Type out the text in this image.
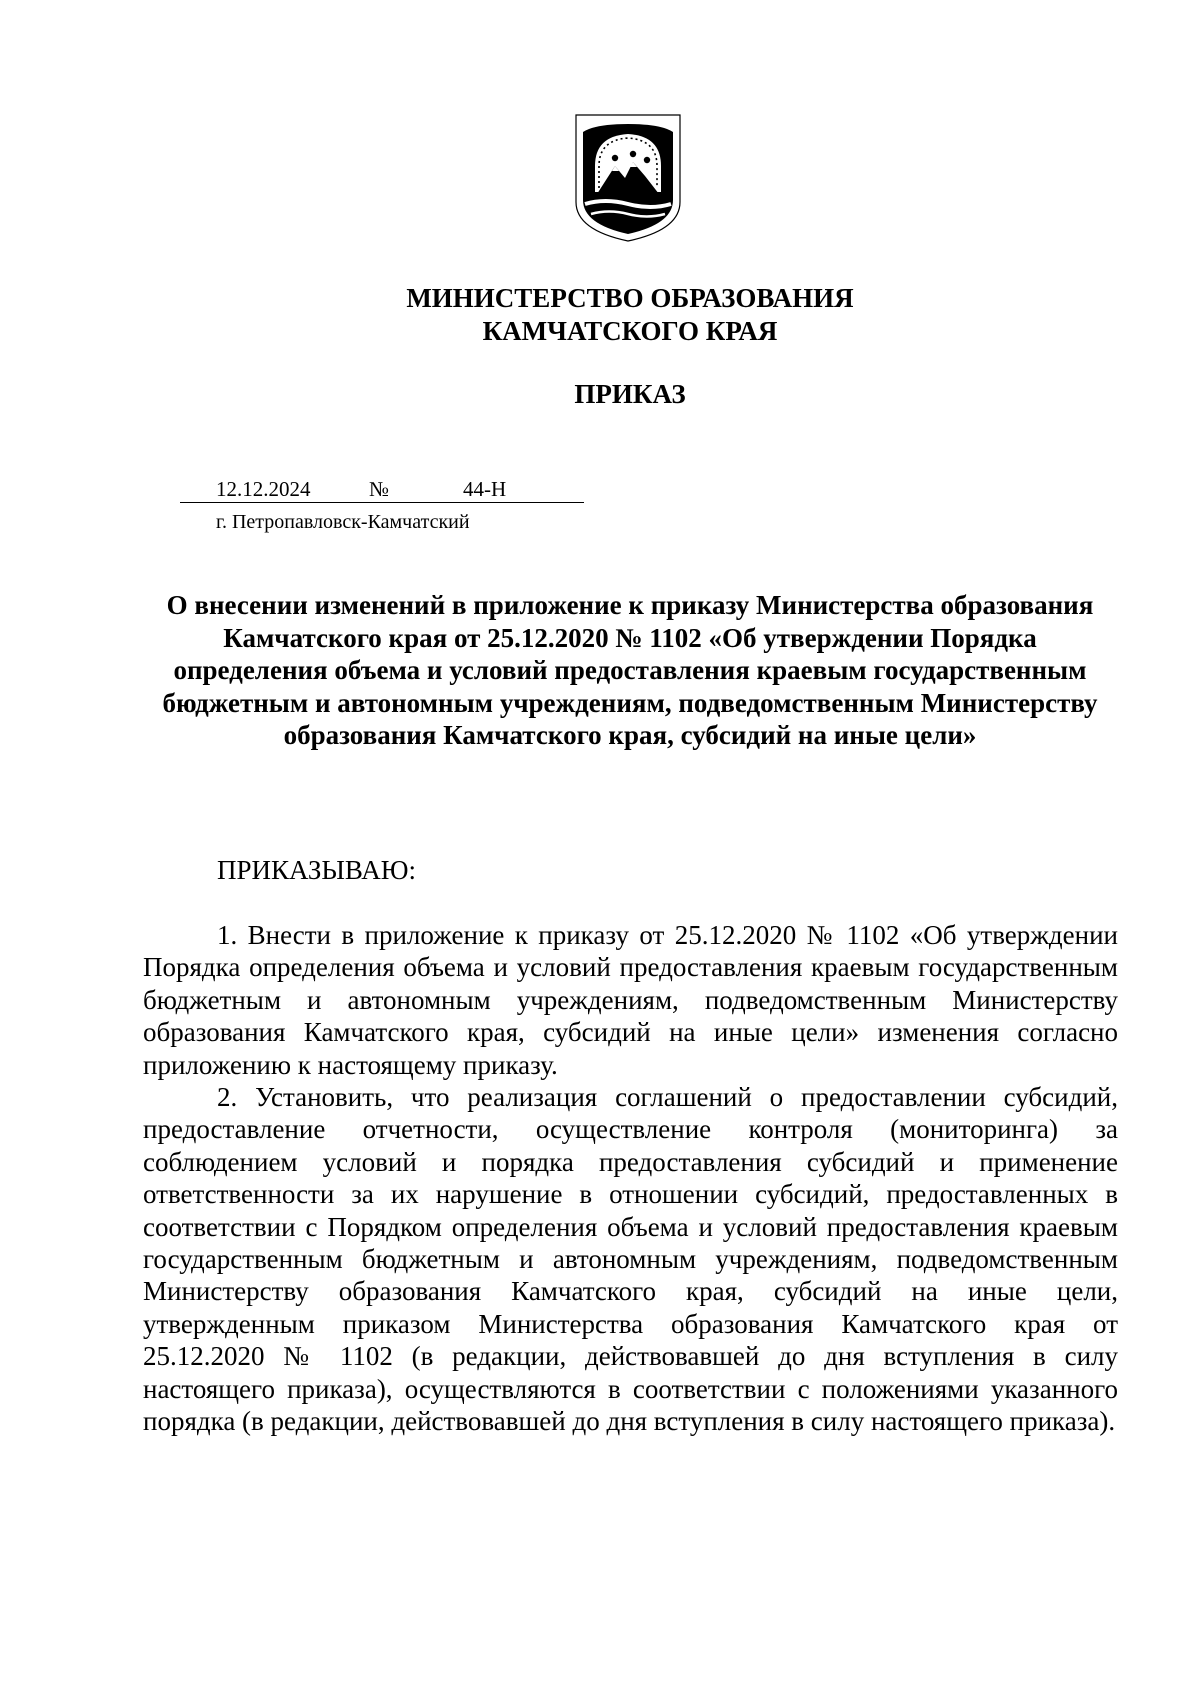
МИНИСТЕРСТВО ОБРАЗОВАНИЯ
КАМЧАТСКОГО КРАЯ
ПРИКАЗ
12.12.2024	№	44-Н
г. Петропавловск-Камчатский
О внесении изменений в приложение к приказу Министерства образования Камчатского края от 25.12.2020 № 1102 «Об утверждении Порядка определения объема и условий предоставления краевым государственным бюджетным и автономным учреждениям, подведомственным Министерству образования Камчатского края, субсидий на иные цели»
ПРИКАЗЫВАЮ:

1. Внести в приложение к приказу от 25.12.2020 № 1102 «Об утверждении Порядка определения объема и условий предоставления краевым государственным бюджетным и автономным учреждениям, подведомственным Министерству образования Камчатского края, субсидий на иные цели» изменения согласно приложению к настоящему приказу.

2. Установить, что реализация соглашений о предоставлении субсидий, предоставление отчетности, осуществление контроля (мониторинга) за соблюдением условий и порядка предоставления субсидий и применение ответственности за их нарушение в отношении субсидий, предоставленных в соответствии с Порядком определения объема и условий предоставления краевым государственным бюджетным и автономным учреждениям, подведомственным Министерству образования Камчатского края, субсидий на иные цели, утвержденным приказом Министерства образования Камчатского края от 25.12.2020 № 1102 (в редакции, действовавшей до дня вступления в силу настоящего приказа), осуществляются в соответствии с положениями указанного порядка (в редакции, действовавшей до дня вступления в силу настоящего приказа).
